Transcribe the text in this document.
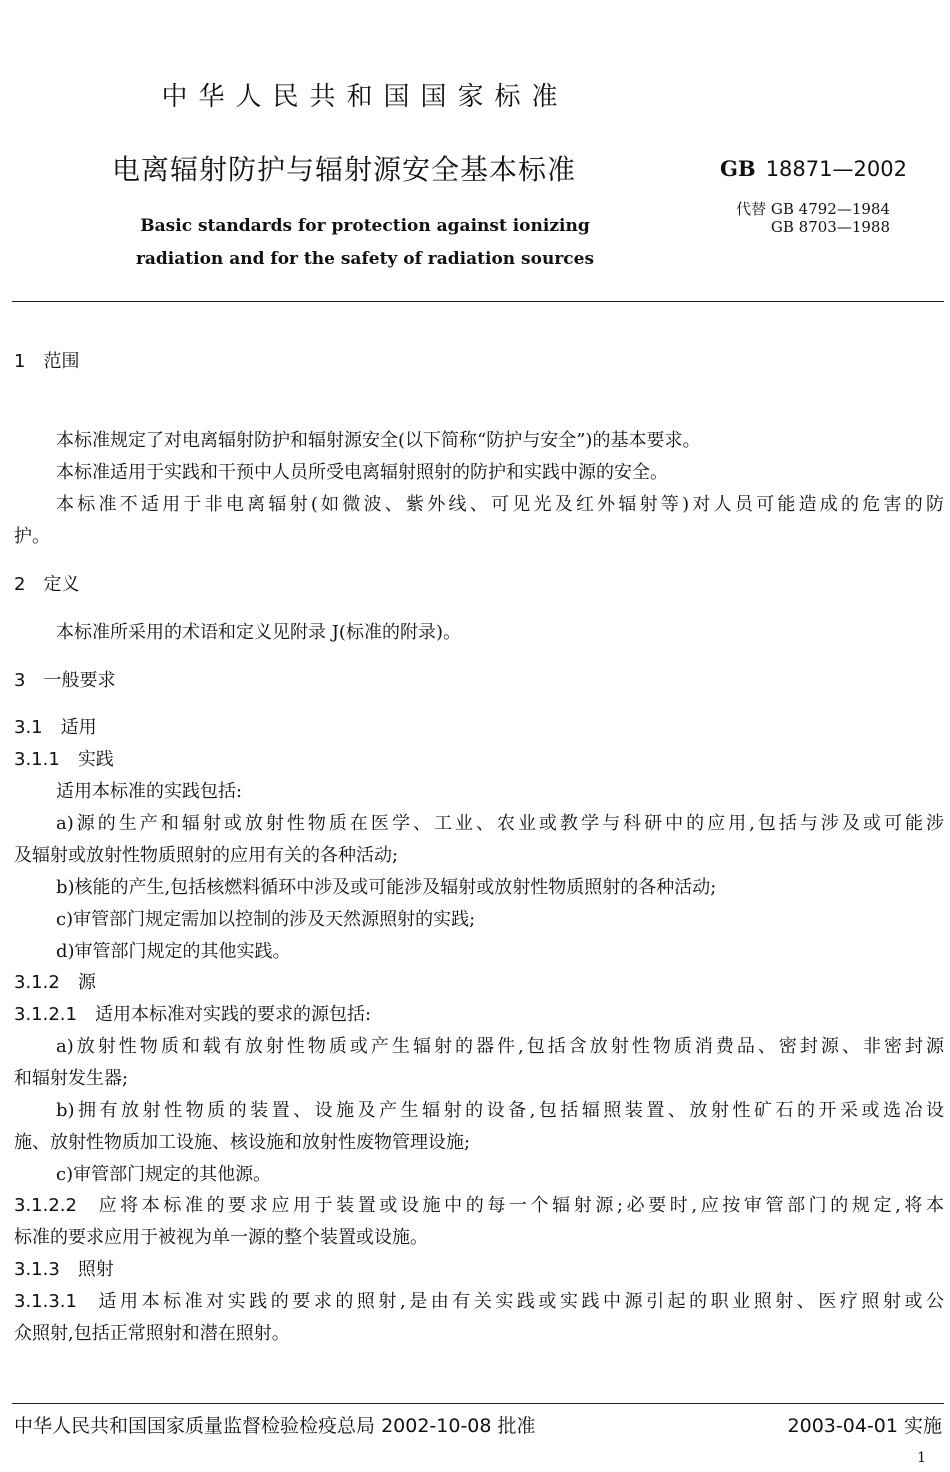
中华人民共和国国家标准
电离辐射防护与辐射源安全基本标准	GB 18871—2002
代替 GB 4792—1984
GB 8703—1988
Basic standards for protection against ionizing
radiation and for the safety of radiation sources
1 范围
本标准规定了对电离辐射防护和辐射源安全(以下简称“防护与安全”)的基本要求。
本标准适用于实践和干预中人员所受电离辐射照射的防护和实践中源的安全。
本标准不适用于非电离辐射(如微波、紫外线、可见光及红外辐射等)对人员可能造成的危害的防
护。
2 定义
本标准所采用的术语和定义见附录 J(标准的附录)。
3 一般要求
3.1 适用
3.1.1 实践
适用本标准的实践包括:
a)源的生产和辐射或放射性物质在医学、工业、农业或教学与科研中的应用,包括与涉及或可能涉
及辐射或放射性物质照射的应用有关的各种活动;
b)核能的产生,包括核燃料循环中涉及或可能涉及辐射或放射性物质照射的各种活动;
c)审管部门规定需加以控制的涉及天然源照射的实践;
d)审管部门规定的其他实践。
3.1.2 源
3.1.2.1 适用本标准对实践的要求的源包括:
a)放射性物质和载有放射性物质或产生辐射的器件,包括含放射性物质消费品、密封源、非密封源
和辐射发生器;
b)拥有放射性物质的装置、设施及产生辐射的设备,包括辐照装置、放射性矿石的开采或选冶设
施、放射性物质加工设施、核设施和放射性废物管理设施;
c)审管部门规定的其他源。
3.1.2.2 应将本标准的要求应用于装置或设施中的每一个辐射源;必要时,应按审管部门的规定,将本
标准的要求应用于被视为单一源的整个装置或设施。
3.1.3 照射
3.1.3.1 适用本标准对实践的要求的照射,是由有关实践或实践中源引起的职业照射、医疗照射或公
众照射,包括正常照射和潜在照射。
中华人民共和国国家质量监督检验检疫总局 2002-10-08 批准	2003-04-01 实施
1
